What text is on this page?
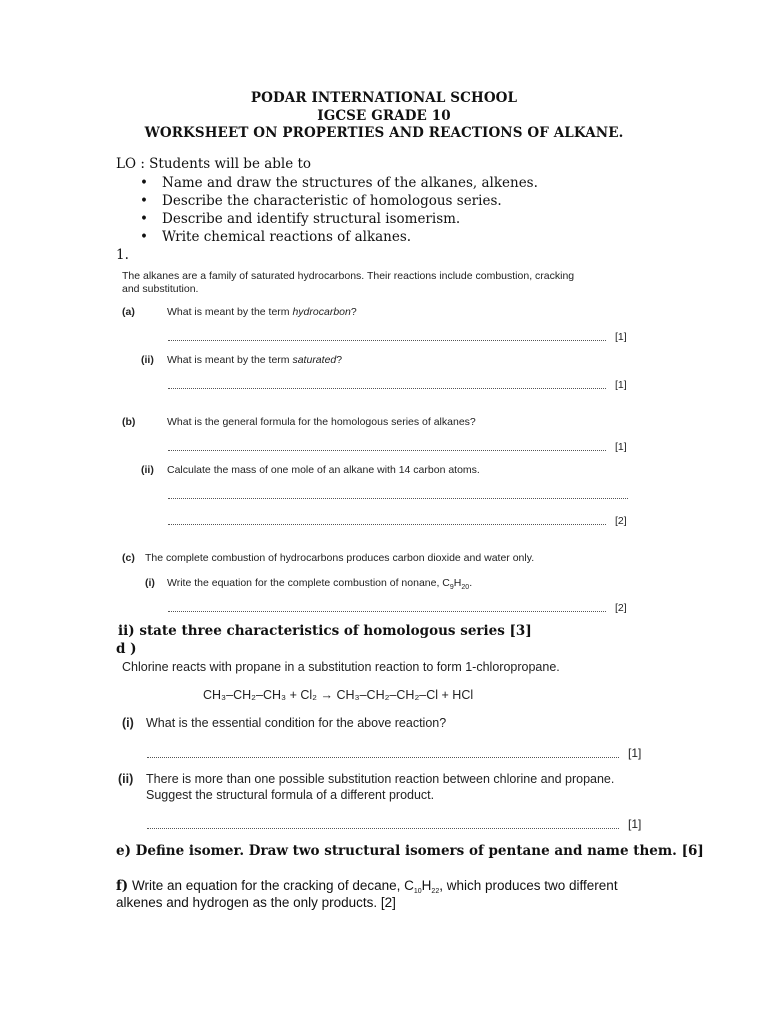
PODAR INTERNATIONAL SCHOOL
IGCSE GRADE 10
WORKSHEET ON PROPERTIES AND REACTIONS OF ALKANE.
LO : Students will be able to
• Name and draw the structures of the alkanes, alkenes.
• Describe the characteristic of homologous series.
• Describe and identify structural isomerism.
• Write chemical reactions of alkanes.
1.
The alkanes are a family of saturated hydrocarbons. Their reactions include combustion, cracking
and substitution.
(a)	What is meant by the term hydrocarbon?
[1]
(ii) What is meant by the term saturated?
[1]
(b)	What is the general formula for the homologous series of alkanes?
[1]
(ii) Calculate the mass of one mole of an alkane with 14 carbon atoms.
[2]
(c) The complete combustion of hydrocarbons produces carbon dioxide and water only.
(i) Write the equation for the complete combustion of nonane, $C_9H_{20}$.
[2]
ii) state three characteristics of homologous series [3]
d )
Chlorine reacts with propane in a substitution reaction to form 1-chloropropane.
CH₃–CH₂–CH₃ + Cl₂ → CH₃–CH₂–CH₂–Cl + HCl
(i) What is the essential condition for the above reaction?
[1]
(ii) There is more than one possible substitution reaction between chlorine and propane.
Suggest the structural formula of a different product.
[1]
e) Define isomer. Draw two structural isomers of pentane and name them. [6]
f) Write an equation for the cracking of decane, $C_{10}H_{22}$, which produces two different
alkenes and hydrogen as the only products. [2]
